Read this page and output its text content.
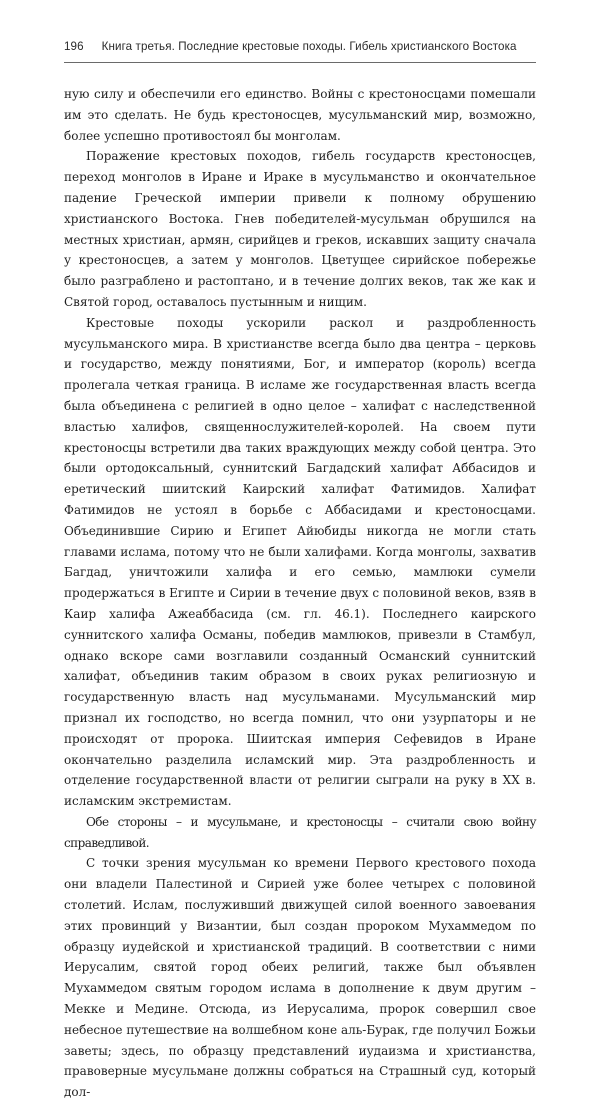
196 Книга третья. Последние крестовые походы. Гибель христианского Востока

ную силу и обеспечили его единство. Войны с крестоносцами помешали им это сделать. Не будь крестоносцев, мусульманский мир, возможно, более успешно противостоял бы монголам.

Поражение крестовых походов, гибель государств крестоносцев, переход монголов в Иране и Ираке в мусульманство и окончательное падение Греческой империи привели к полному обрушению христианского Востока. Гнев победителей-мусульман обрушился на местных христиан, армян, сирийцев и греков, искавших защиту сначала у крестоносцев, а затем у монголов. Цветущее сирийское побережье было разграблено и растоптано, и в течение долгих веков, так же как и Святой город, оставалось пустынным и нищим.

Крестовые походы ускорили раскол и раздробленность мусульманского мира. В христианстве всегда было два центра – церковь и государство, между понятиями, Бог, и император (король) всегда пролегала четкая граница. В исламе же государственная власть всегда была объединена с религией в одно целое – халифат с наследственной властью халифов, священнослужителей-королей. На своем пути крестоносцы встретили два таких враждующих между собой центра. Это были ортодоксальный, суннитский Багдадский халифат Аббасидов и еретический шиитский Каирский халифат Фатимидов. Халифат Фатимидов не устоял в борьбе с Аббасидами и крестоносцами. Объединившие Сирию и Египет Айюбиды никогда не могли стать главами ислама, потому что не были халифами. Когда монголы, захватив Багдад, уничтожили халифа и его семью, мамлюки сумели продержаться в Египте и Сирии в течение двух с половиной веков, взяв в Каир халифа Ажеаббасида (см. гл. 46.1). Последнего каирского суннитского халифа Османы, победив мамлюков, привезли в Стамбул, однако вскоре сами возглавили созданный Османский суннитский халифат, объединив таким образом в своих руках религиозную и государственную власть над мусульманами. Мусульманский мир признал их господство, но всегда помнил, что они узурпаторы и не происходят от пророка. Шиитская империя Сефевидов в Иране окончательно разделила исламский мир. Эта раздробленность и отделение государственной власти от религии сыграли на руку в XX в. исламским экстремистам.

Обе стороны – и мусульмане, и крестоносцы – считали свою войну справедливой.

С точки зрения мусульман ко времени Первого крестового похода они владели Палестиной и Сирией уже более четырех с половиной столетий. Ислам, послуживший движущей силой военного завоевания этих провинций у Византии, был создан пророком Мухаммедом по образцу иудейской и христианской традиций. В соответствии с ними Иерусалим, святой город обеих религий, также был объявлен Мухаммедом святым городом ислама в дополнение к двум другим – Мекке и Медине. Отсюда, из Иерусалима, пророк совершил свое небесное путешествие на волшебном коне аль-Бурак, где получил Божьи заветы; здесь, по образцу представлений иудаизма и христианства, правоверные мусульмане должны собраться на Страшный суд, который дол-
